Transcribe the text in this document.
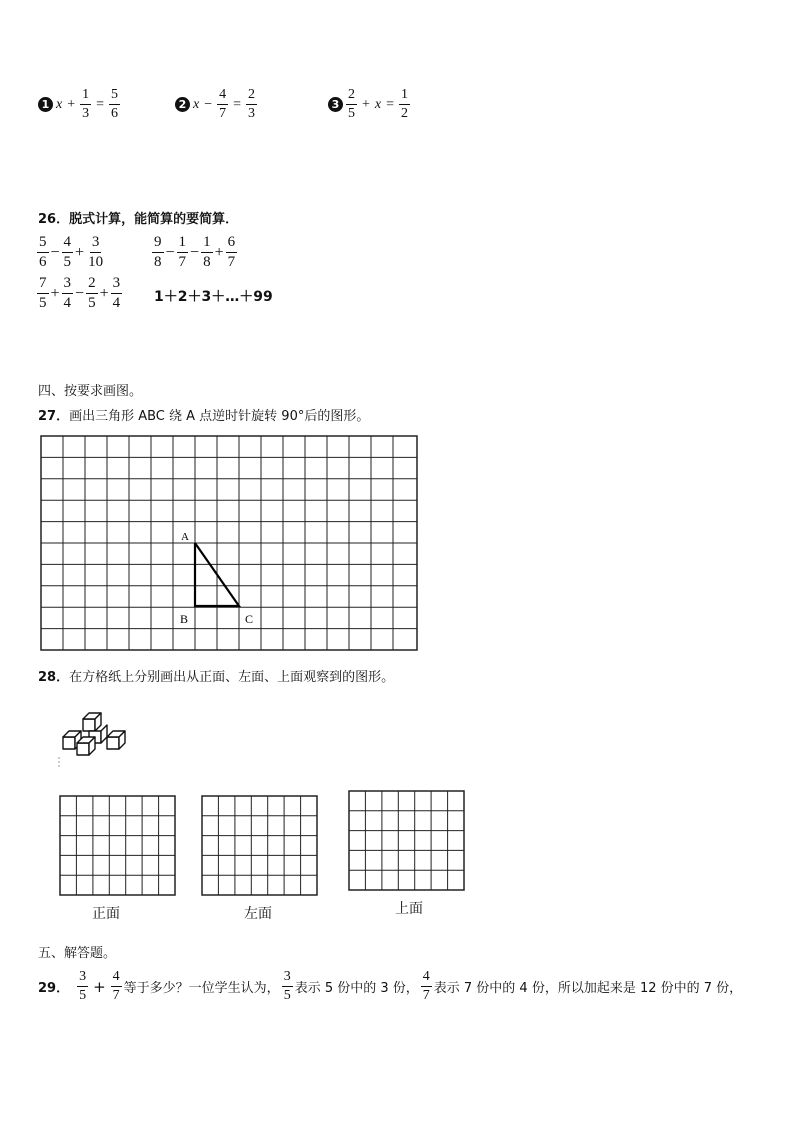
1 $x + \frac{1}{3} = \frac{5}{6}$	2 $x - \frac{4}{7} = \frac{2}{3}$	$3 \frac{2}{5} + x = \frac{1}{2}$
26．脱式计算，能简算的要简算．
$\frac{5}{6} - \frac{4}{5} + \frac{3}{10}$	$\frac{9}{8} - \frac{1}{7} - \frac{1}{8} + \frac{6}{7}$
$\frac{7}{5} + \frac{3}{4} - \frac{2}{5} + \frac{3}{4}$ 1＋2＋3＋…＋99
四、按要求画图。
27．画出三角形 ABC 绕 A 点逆时针旋转 90°后的图形。
A
B	C
28．在方格纸上分别画出从正面、左面、上面观察到的图形。
正面	左面	上面
五、解答题。
29． $\frac{3}{5} + \frac{4}{7}$ 等于多少？一位学生认为， $\frac{3}{5}$ 表示 5 份中的 3 份， $\frac{4}{7}$ 表示 7 份中的 4 份，所以加起来是 12 份中的 7 份，
